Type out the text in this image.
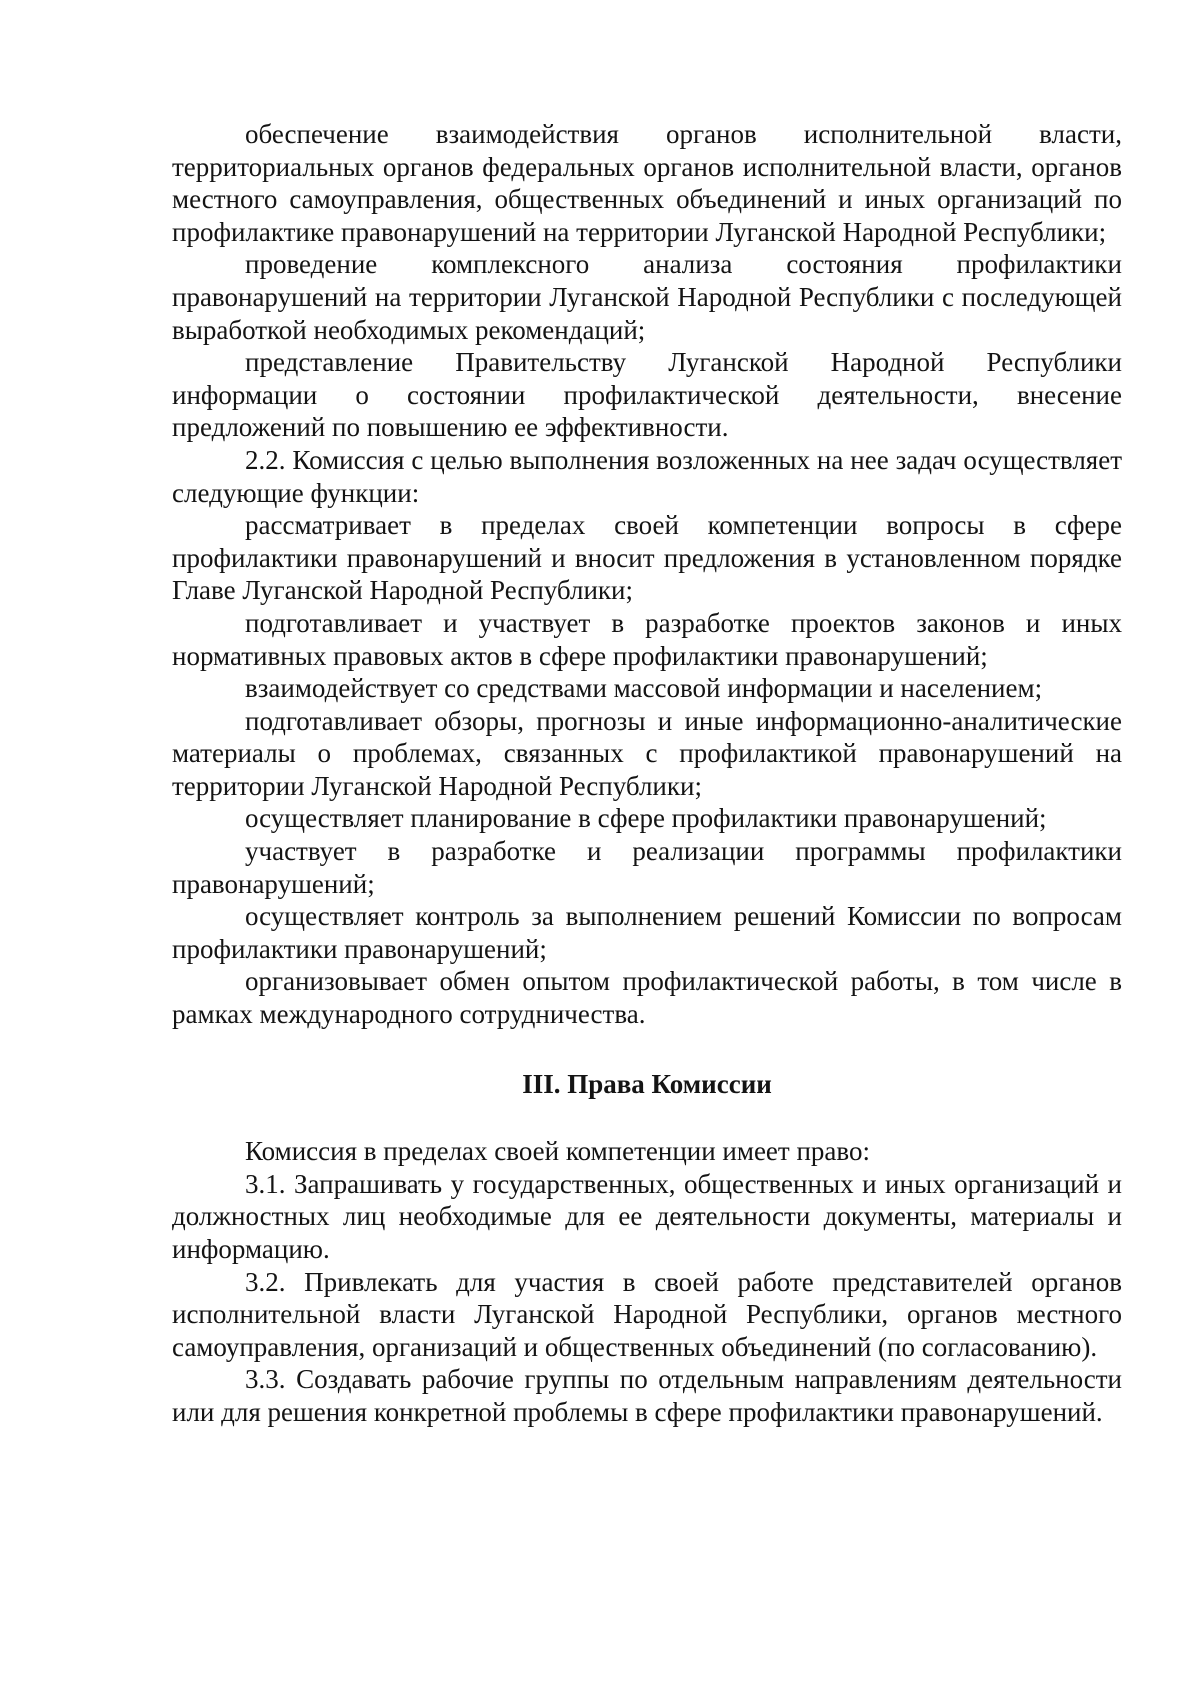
обеспечение взаимодействия органов исполнительной власти, территориальных органов федеральных органов исполнительной власти, органов местного самоуправления, общественных объединений и иных организаций по профилактике правонарушений на территории Луганской Народной Республики;

проведение комплексного анализа состояния профилактики правонарушений на территории Луганской Народной Республики с последующей выработкой необходимых рекомендаций;

представление Правительству Луганской Народной Республики информации о состоянии профилактической деятельности, внесение предложений по повышению ее эффективности.

2.2. Комиссия с целью выполнения возложенных на нее задач осуществляет следующие функции:

рассматривает в пределах своей компетенции вопросы в сфере профилактики правонарушений и вносит предложения в установленном порядке Главе Луганской Народной Республики;

подготавливает и участвует в разработке проектов законов и иных нормативных правовых актов в сфере профилактики правонарушений;

взаимодействует со средствами массовой информации и населением;

подготавливает обзоры, прогнозы и иные информационно-аналитические материалы о проблемах, связанных с профилактикой правонарушений на территории Луганской Народной Республики;

осуществляет планирование в сфере профилактики правонарушений;

участвует в разработке и реализации программы профилактики правонарушений;

осуществляет контроль за выполнением решений Комиссии по вопросам профилактики правонарушений;

организовывает обмен опытом профилактической работы, в том числе в рамках международного сотрудничества.

III. Права Комиссии

Комиссия в пределах своей компетенции имеет право:

3.1. Запрашивать у государственных, общественных и иных организаций и должностных лиц необходимые для ее деятельности документы, материалы и информацию.

3.2. Привлекать для участия в своей работе представителей органов исполнительной власти Луганской Народной Республики, органов местного самоуправления, организаций и общественных объединений (по согласованию).

3.3. Создавать рабочие группы по отдельным направлениям деятельности или для решения конкретной проблемы в сфере профилактики правонарушений.
